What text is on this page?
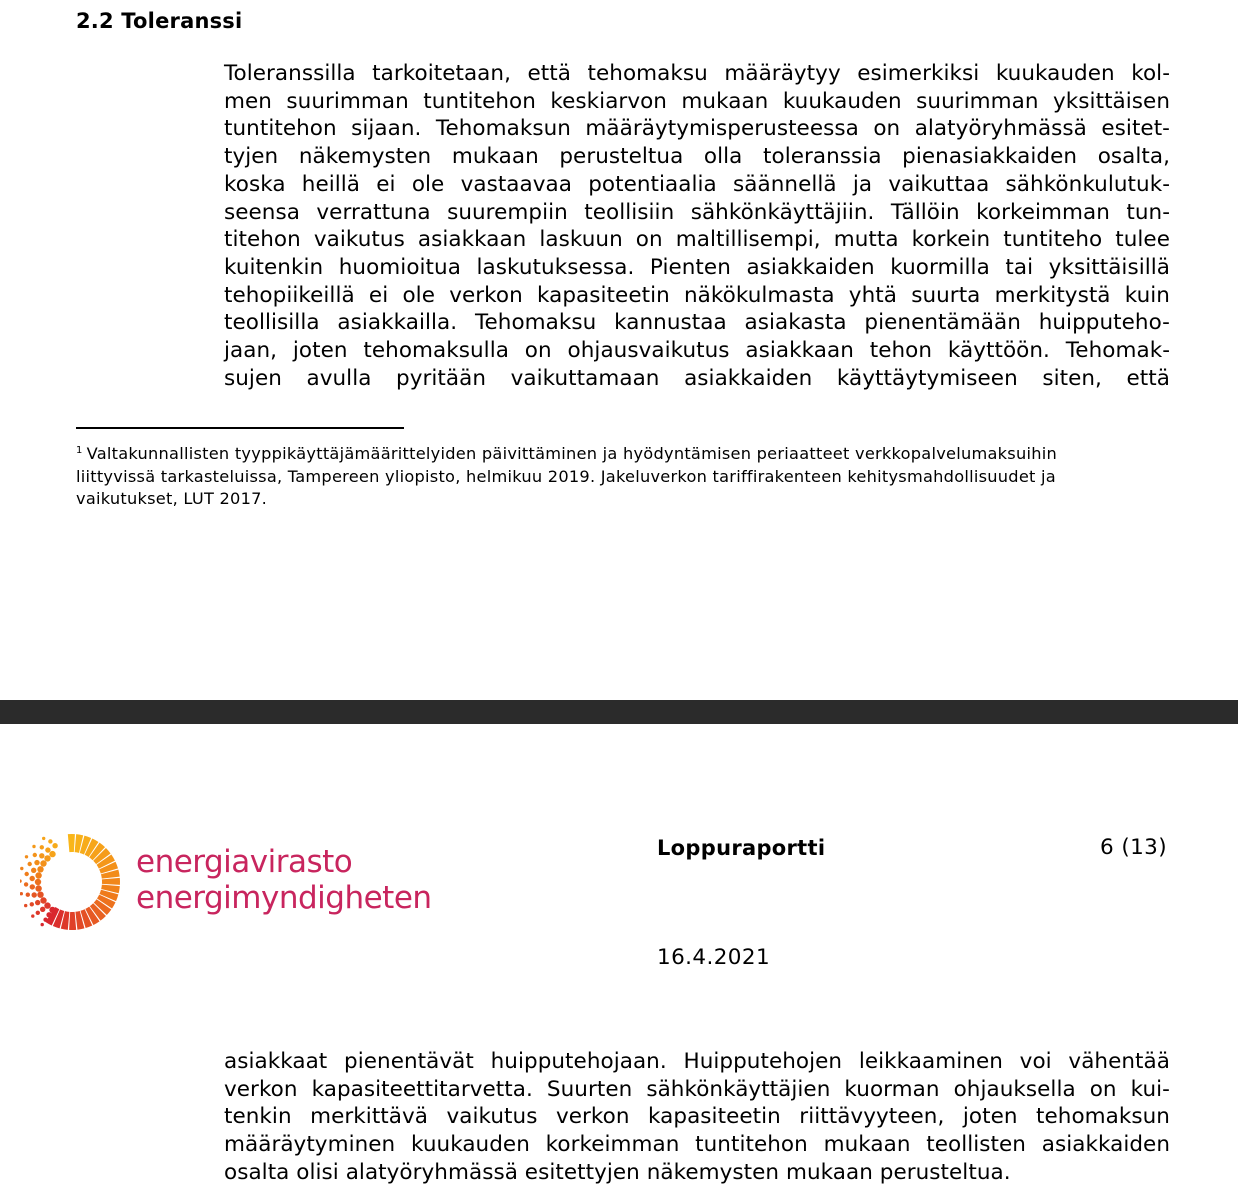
2.2 Toleranssi
Toleranssilla tarkoitetaan, että tehomaksu määräytyy esimerkiksi kuukauden kol-
men suurimman tuntitehon keskiarvon mukaan kuukauden suurimman yksittäisen
tuntitehon sijaan. Tehomaksun määräytymisperusteessa on alatyöryhmässä esitet-
tyjen näkemysten mukaan perusteltua olla toleranssia pienasiakkaiden osalta,
koska heillä ei ole vastaavaa potentiaalia säännellä ja vaikuttaa sähkönkulutuk-
seensa verrattuna suurempiin teollisiin sähkönkäyttäjiin. Tällöin korkeimman tun-
titehon vaikutus asiakkaan laskuun on maltillisempi, mutta korkein tuntiteho tulee
kuitenkin huomioitua laskutuksessa. Pienten asiakkaiden kuormilla tai yksittäisillä
tehopiikeillä ei ole verkon kapasiteetin näkökulmasta yhtä suurta merkitystä kuin
teollisilla asiakkailla. Tehomaksu kannustaa asiakasta pienentämään huipputeho-
jaan, joten tehomaksulla on ohjausvaikutus asiakkaan tehon käyttöön. Tehomak-
sujen avulla pyritään vaikuttamaan asiakkaiden käyttäytymiseen siten, että

$^1$ Valtakunnallisten tyyppikäyttäjämäärittelyiden päivittäminen ja hyödyntämisen periaatteet verkkopalvelumaksuihin
liittyvissä tarkasteluissa, Tampereen yliopisto, helmikuu 2019. Jakeluverkon tariffirakenteen kehitysmahdollisuudet ja
vaikutukset, LUT 2017.

energiavirasto
energimyndigheten
Loppuraportti	6 (13)
16.4.2021
asiakkaat pienentävät huipputehojaan. Huipputehojen leikkaaminen voi vähentää
verkon kapasiteettitarvetta. Suurten sähkönkäyttäjien kuorman ohjauksella on kui-
tenkin merkittävä vaikutus verkon kapasiteetin riittävyyteen, joten tehomaksun
määräytyminen kuukauden korkeimman tuntitehon mukaan teollisten asiakkaiden
osalta olisi alatyöryhmässä esitettyjen näkemysten mukaan perusteltua.
